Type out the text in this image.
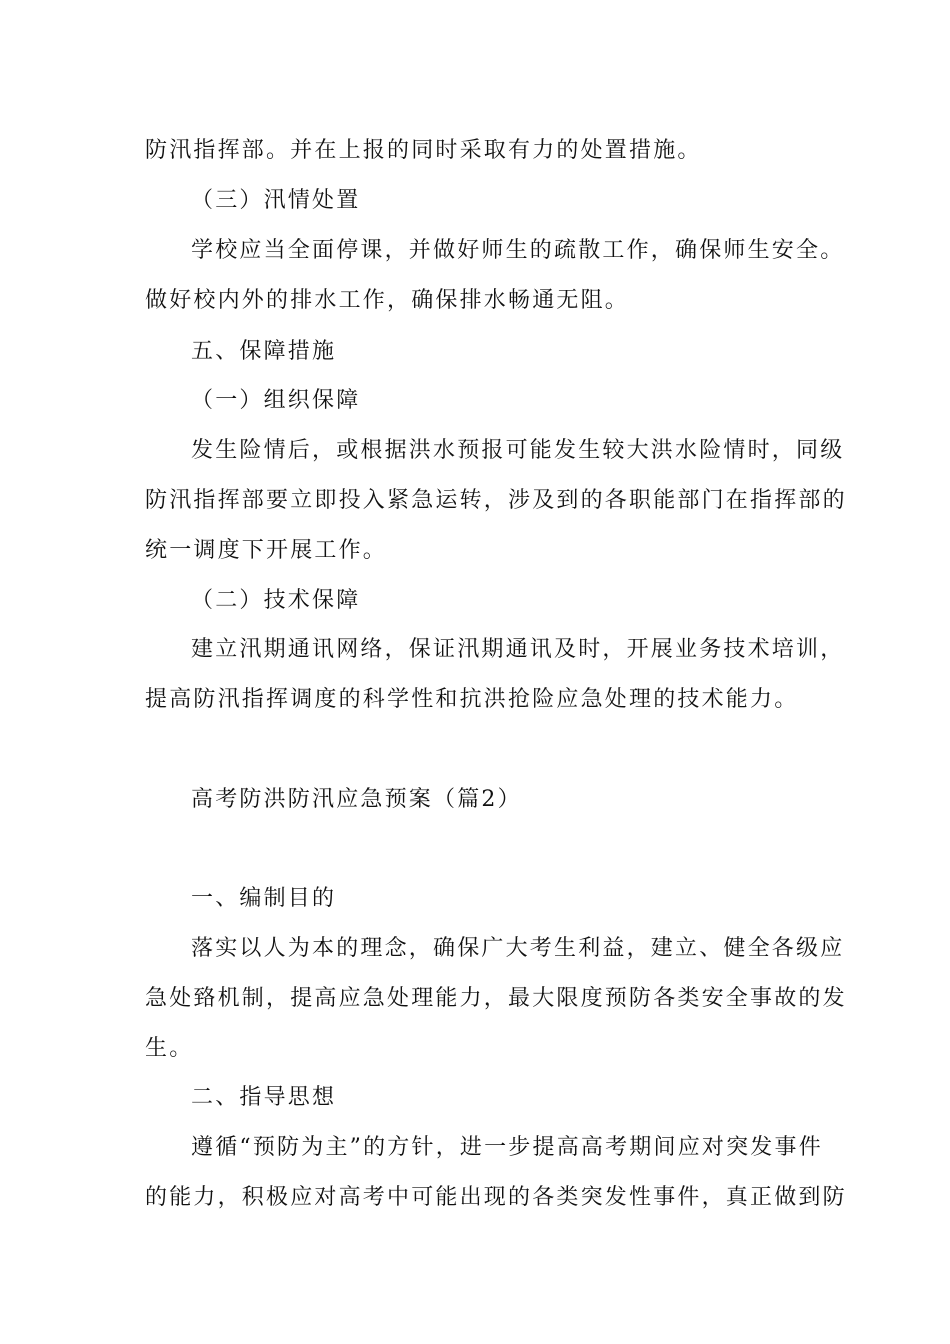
防汛指挥部。并在上报的同时采取有力的处置措施。
（三）汛情处置
学校应当全面停课，并做好师生的疏散工作，确保师生安全。
做好校内外的排水工作，确保排水畅通无阻。
五、保障措施
（一）组织保障
发生险情后，或根据洪水预报可能发生较大洪水险情时，同级
防汛指挥部要立即投入紧急运转，涉及到的各职能部门在指挥部的
统一调度下开展工作。
（二）技术保障
建立汛期通讯网络，保证汛期通讯及时，开展业务技术培训，
提高防汛指挥调度的科学性和抗洪抢险应急处理的技术能力。
高考防洪防汛应急预案（篇2）
一、编制目的
落实以人为本的理念，确保广大考生利益，建立、健全各级应
急处臵机制，提高应急处理能力，最大限度预防各类安全事故的发
生。
二、指导思想
遵循“预防为主”的方针，进一步提高高考期间应对突发事件
的能力，积极应对高考中可能出现的各类突发性事件，真正做到防
